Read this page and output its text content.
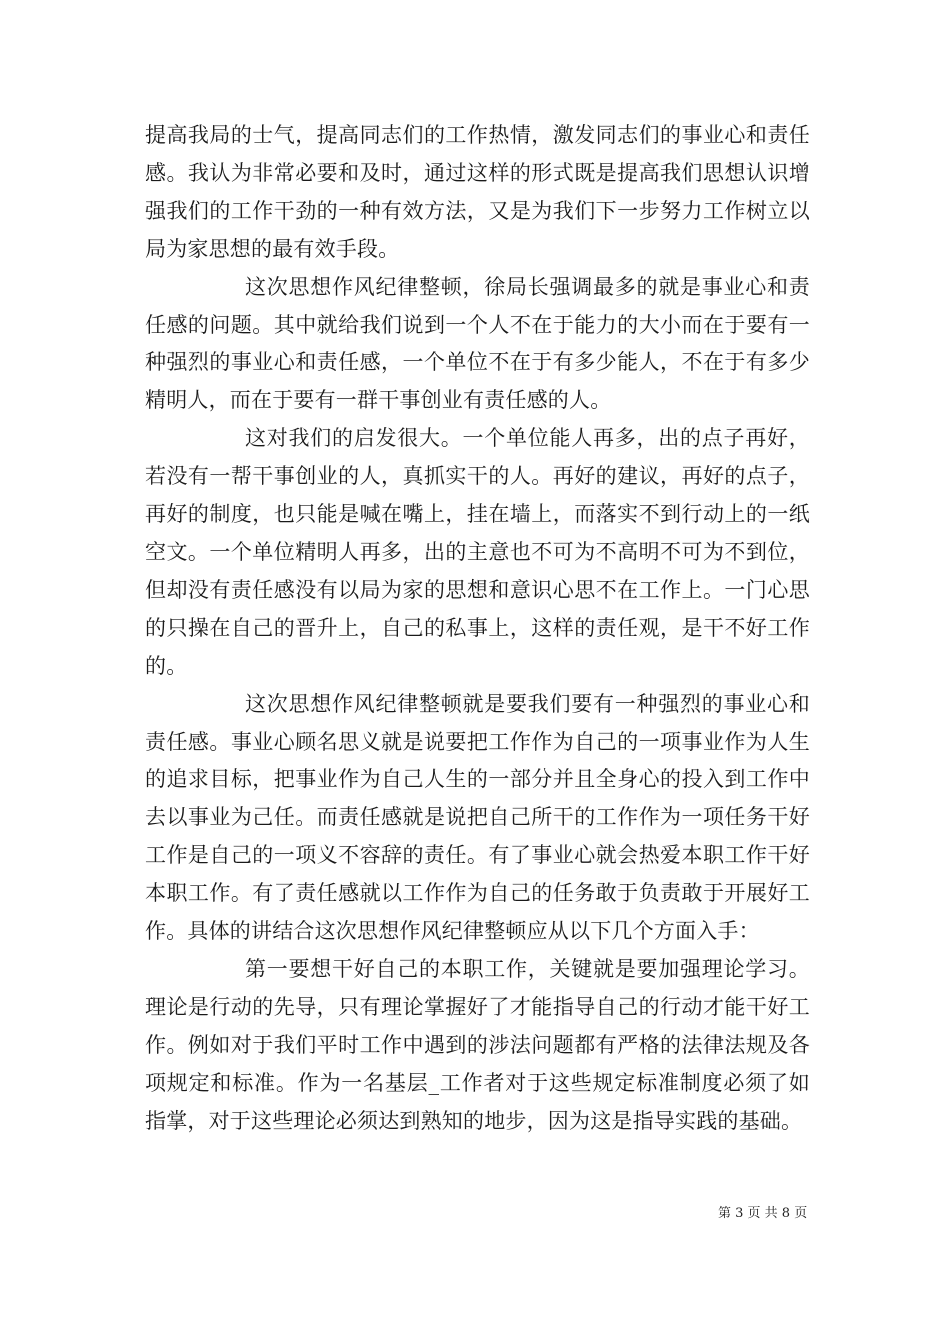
提高我局的士气，提高同志们的工作热情，激发同志们的事业心和责任感。我认为非常必要和及时，通过这样的形式既是提高我们思想认识增强我们的工作干劲的一种有效方法，又是为我们下一步努力工作树立以局为家思想的最有效手段。

这次思想作风纪律整顿，徐局长强调最多的就是事业心和责任感的问题。其中就给我们说到一个人不在于能力的大小而在于要有一种强烈的事业心和责任感，一个单位不在于有多少能人，不在于有多少精明人，而在于要有一群干事创业有责任感的人。

这对我们的启发很大。一个单位能人再多，出的点子再好，若没有一帮干事创业的人，真抓实干的人。再好的建议，再好的点子，再好的制度，也只能是喊在嘴上，挂在墙上，而落实不到行动上的一纸空文。一个单位精明人再多，出的主意也不可为不高明不可为不到位，但却没有责任感没有以局为家的思想和意识心思不在工作上。一门心思的只操在自己的晋升上，自己的私事上，这样的责任观，是干不好工作的。

这次思想作风纪律整顿就是要我们要有一种强烈的事业心和责任感。事业心顾名思义就是说要把工作作为自己的一项事业作为人生的追求目标，把事业作为自己人生的一部分并且全身心的投入到工作中去以事业为己任。而责任感就是说把自己所干的工作作为一项任务干好工作是自己的一项义不容辞的责任。有了事业心就会热爱本职工作干好本职工作。有了责任感就以工作作为自己的任务敢于负责敢于开展好工作。具体的讲结合这次思想作风纪律整顿应从以下几个方面入手：

第一要想干好自己的本职工作，关键就是要加强理论学习。理论是行动的先导，只有理论掌握好了才能指导自己的行动才能干好工作。例如对于我们平时工作中遇到的涉法问题都有严格的法律法规及各项规定和标准。作为一名基层_工作者对于这些规定标准制度必须了如指掌，对于这些理论必须达到熟知的地步，因为这是指导实践的基础。

第 3 页 共 8 页
